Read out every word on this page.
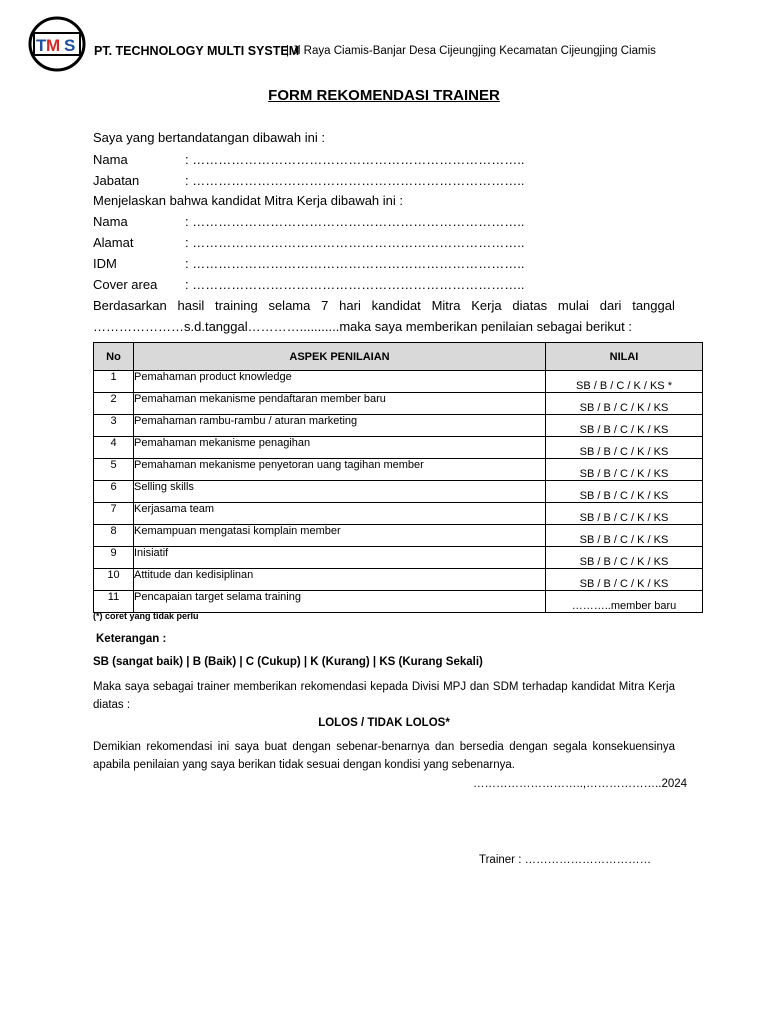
T M S PT. TECHNOLOGY MULTI SYSTEM
| Jl Raya Ciamis-Banjar Desa Cijeungjing Kecamatan Cijeungjing Ciamis
FORM REKOMENDASI TRAINER
Saya yang bertandatangan dibawah ini :
Nama	: …………………………………………………………………..
Jabatan	: …………………………………………………………………..
Menjelaskan bahwa kandidat Mitra Kerja dibawah ini :
Nama	: …………………………………………………………………..
Alamat	: …………………………………………………………………..
IDM	: …………………………………………………………………..
Cover area : …………………………………………………………………..
Berdasarkan hasil training selama 7 hari kandidat Mitra Kerja diatas mulai dari tanggal
…………………s.d.tanggal…………...........maka saya memberikan penilaian sebagai berikut :
No	ASPEK PENILAIAN	NILAI
1	Pemahaman product knowledge	SB / B / C / K / KS *
2	Pemahaman mekanisme pendaftaran member baru	SB / B / C / K / KS
3	Pemahaman rambu-rambu / aturan marketing	SB / B / C / K / KS
4	Pemahaman mekanisme penagihan	SB / B / C / K / KS
5	Pemahaman mekanisme penyetoran uang tagihan member	SB / B / C / K / KS
6	Selling skills	SB / B / C / K / KS
7	Kerjasama team	SB / B / C / K / KS
8	Kemampuan mengatasi komplain member	SB / B / C / K / KS
9	Inisiatif	SB / B / C / K / KS
10	Attitude dan kedisiplinan	SB / B / C / K / KS
11	Pencapaian target selama training	………..member baru
(*) coret yang tidak perlu
Keterangan :
SB (sangat baik) | B (Baik) | C (Cukup) | K (Kurang) | KS (Kurang Sekali)
Maka saya sebagai trainer memberikan rekomendasi kepada Divisi MPJ dan SDM terhadap kandidat Mitra Kerja diatas :
LOLOS / TIDAK LOLOS*
Demikian rekomendasi ini saya buat dengan sebenar-benarnya dan bersedia dengan segala konsekuensinya apabila penilaian yang saya berikan tidak sesuai dengan kondisi yang sebenarnya.
………………………..,………………..2024
Trainer : ……………………………
